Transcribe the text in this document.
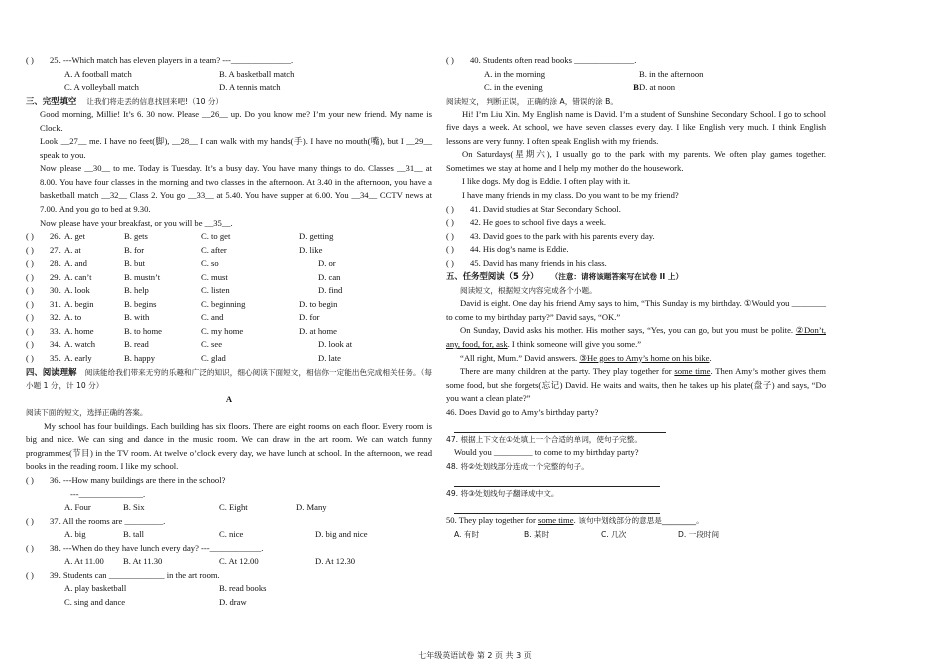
( )	25. ---Which match has eleven players in a team? ---______________.
A. A football match	B. A basketball match
C. A volleyball match	D. A tennis match
三、完型填空 让我们将走丢的信息找回来吧!（10 分）
Good morning, Millie! It’s 6. 30 now. Please __26__ up. Do you know me? I’m your new friend. My name is Clock.
Look __27__ me. I have no feet(脚), __28__ I can walk with my hands(手). I have no mouth(嘴), but I __29__ speak to you.
Now please __30__ to me. Today is Tuesday. It’s a busy day. You have many things to do. Classes __31__ at 8.00. You have four classes in the morning and two classes in the afternoon. At 3.40 in the afternoon, you have a basketball match __32__ Class 2. You go __33__ at 5.40. You have supper at 6.00. You __34__ CCTV news at 7.00. And you go to bed at 9.30.
Now please have your breakfast, or you will be __35__.
( )	26. A. get	B. gets	C. to get	D. getting
( )	27. A. at	B. for	C. after	D. like
( )	28. A. and	B. but	C. so	D. or
( )	29. A. can’t	B. mustn’t	C. must	D. can
( )	30. A. look	B. help	C. listen	D. find
( )	31. A. begin	B. begins	C. beginning	D. to begin
( )	32. A. to	B. with	C. and	D. for
( )	33. A. home	B. to home	C. my home	D. at home
( )	34. A. watch	B. read	C. see	D. look at
( )	35. A. early	B. happy	C. glad	D. late
四、阅读理解 阅读能给我们带来无穷的乐趣和广泛的知识，细心阅读下面短文，相信你一定能出色完成相关任务。（每小题 1 分，计 10 分）
A
阅读下面的短文，选择正确的答案。
My school has four buildings. Each building has six floors. There are eight rooms on each floor. Every room is big and nice. We can sing and dance in the music room. We can draw in the art room. We can watch funny programmes(节目) in the TV room. At twelve o’clock every day, we have lunch at school. In the afternoon, we read books in the reading room. I like my school.
( )	36. ---How many buildings are there in the school?
---_______________.
A. Four	B. Six	C. Eight	D. Many
( )	37. All the rooms are _________.
A. big	B. tall	C. nice	D. big and nice
( )	38. ---When do they have lunch every day? ---____________.
A. At 11.00	B. At 11.30	C. At 12.00	D. At 12.30
( )	39. Students can _____________ in the art room.
A. play basketball	B. read books
C. sing and dance	D. draw
( )	40. Students often read books ______________.
A. in the morning	B. in the afternoon
C. in the evening	D. at noon
阅读短文， 判断正误， 正确的涂 A，错误的涂 B。
B
Hi! I’m Liu Xin. My English name is David. I’m a student of Sunshine Secondary School. I go to school five days a week. At school, we have seven classes every day. I like English very much. I think English lessons are very funny. I often speak English with my friends.
On Saturdays(星期六), I usually go to the park with my parents. We often play games together. Sometimes we stay at home and I help my mother do the housework.
I like dogs. My dog is Eddie. I often play with it.
I have many friends in my class. Do you want to be my friend?
( )	41. David studies at Star Secondary School.
( )	42. He goes to school five days a week.
( )	43. David goes to the park with his parents every day.
( )	44. His dog’s name is Eddie.
( )	45. David has many friends in his class.
五、任务型阅读（5 分） （注意：请将该题答案写在试卷 II 上）
阅读短文，根据短文内容完成各个小题。
David is eight. One day his friend Amy says to him, “This Sunday is my birthday. ①Would you ________ to come to my birthday party?” David says, “OK.”
On Sunday, David asks his mother. His mother says, “Yes, you can go, but you must be polite. ②Don’t, any, food, for, ask. I think someone will give you some.”
“All right, Mum.” David answers. ③He goes to Amy’s home on his bike.
There are many children at the party. They play together for some time. Then Amy’s mother gives them some food, but she forgets(忘记) David. He waits and waits, then he takes up his plate(盘子) and says, “Do you want a clean plate?”
46. Does David go to Amy’s birthday party?
47. 根据上下文在①处填上一个合适的单词，使句子完整。
Would you _________ to come to my birthday party?
48. 将②处划线部分连成一个完整的句子。
49. 将③处划线句子翻译成中文。
50. They play together for some time. 该句中划线部分的意思是_________。
A. 有时	B. 某时	C. 几次	D. 一段时间
七年级英语试卷 第 2 页 共 3 页
